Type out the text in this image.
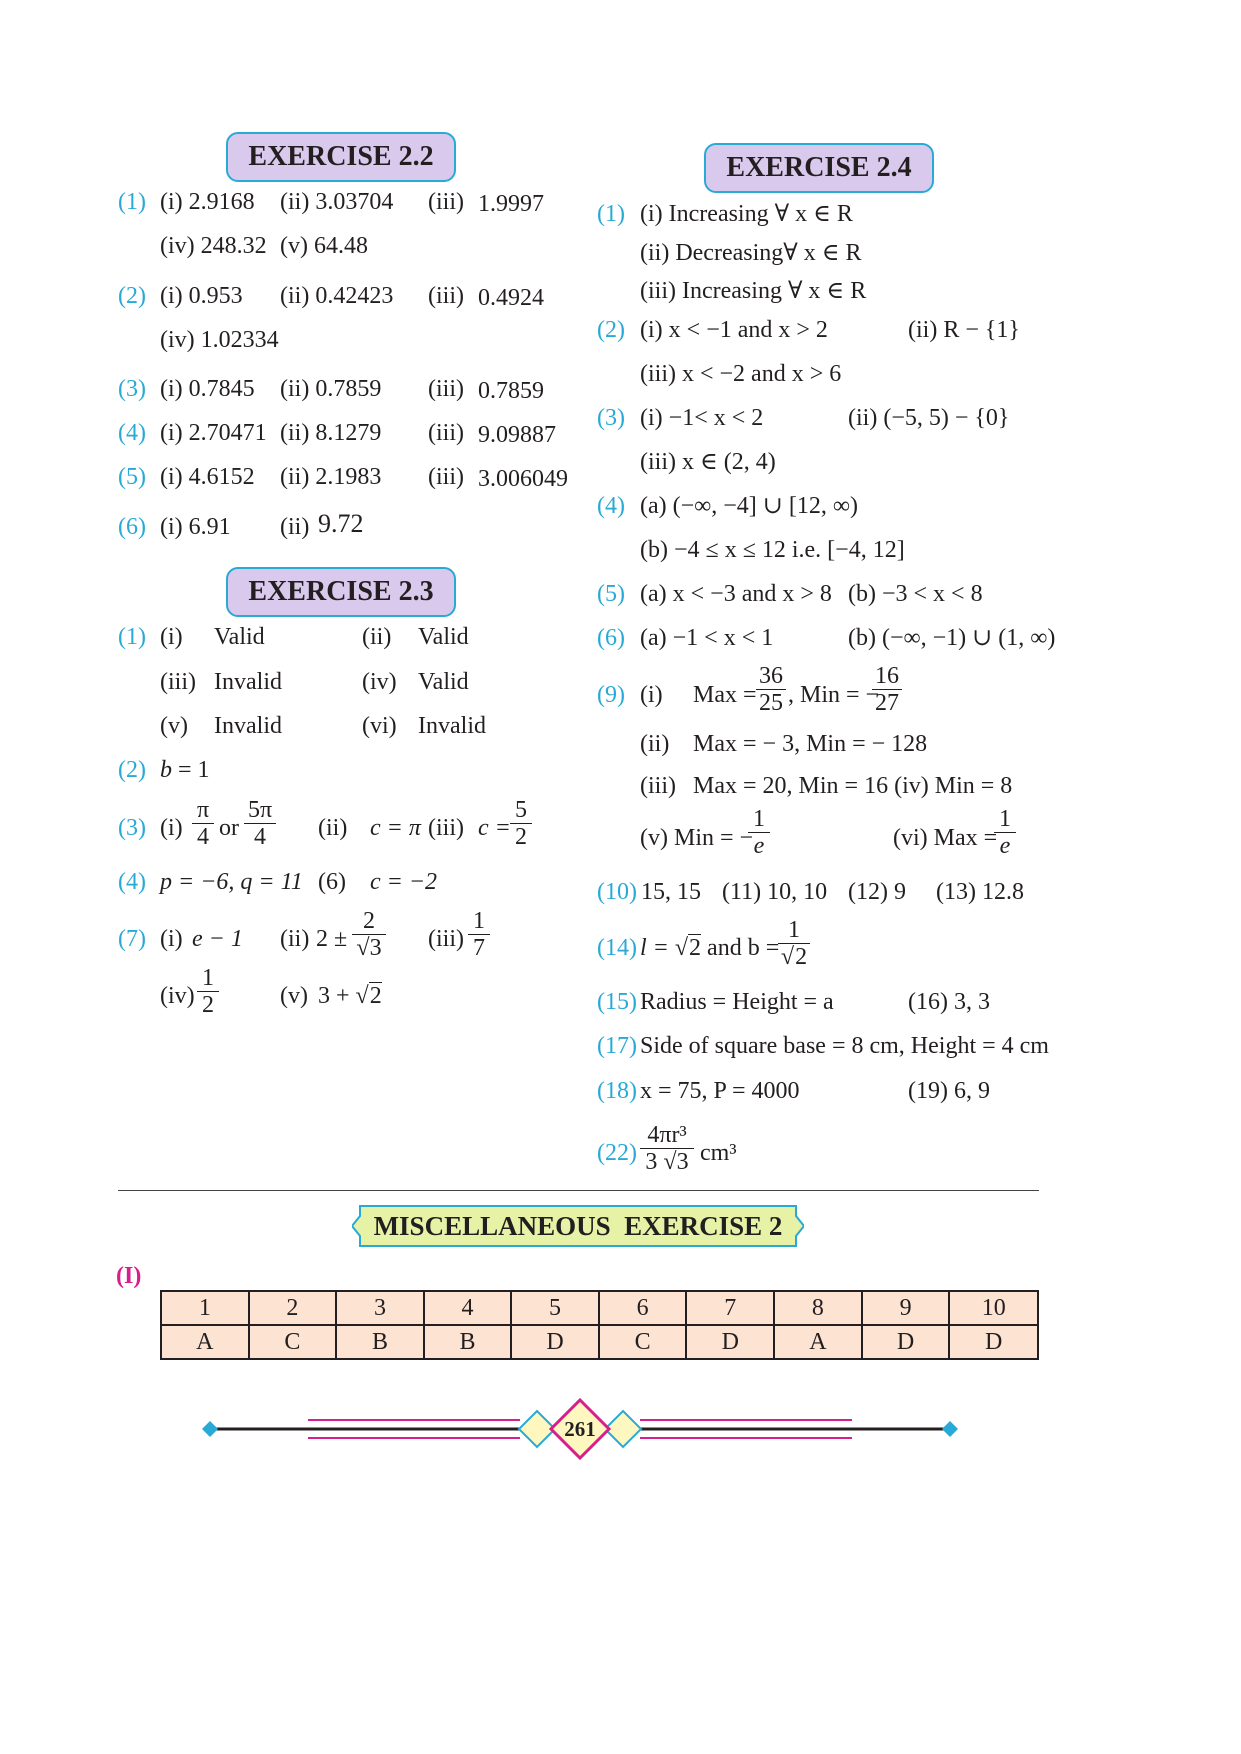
EXERCISE 2.2
(1) (i) 2.9168 (ii) 3.03704 (iii) 1.9997
(iv) 248.32 (v) 64.48
(2) (i) 0.953 (ii) 0.42423 (iii) 0.4924
(iv) 1.02334
(3) (i) 0.7845 (ii) 0.7859 (iii) 0.7859
(4) (i) 2.70471 (ii) 8.1279 (iii) 9.09887
(5) (i) 4.6152 (ii) 2.1983 (iii) 3.006049
(6) (i) 6.91 (ii) 9.72
EXERCISE 2.3
(1) (i) Valid	(ii) Valid
(iii) Invalid	(iv) Valid
(v) Invalid	(vi) Invalid
(2) b = 1
(3) $(i) \frac{\pi}{4}$ or $\frac{5\pi}{4} (ii) c = \pi$ (iii) $c = \frac{5}{2}$
(4) p = −6, q = 11 (6) c = −2
(7) (i) e − 1 (ii) $2 \pm \frac{2}{√3} (iii) \frac{1}{7}$
$(iv) \frac{1}{2}$	(v) 3 + √2
EXERCISE 2.4
(1) (i) Increasing ∀ x ∈ R
(ii) Decreasing∀ x ∈ R
(iii) Increasing ∀ x ∈ R
(2) (i) x < −1 and x > 2	(ii) R − {1}
(iii) x < −2 and x > 6
(3) (i) −1< x < 2	(ii) (−5, 5) − {0}
(iii) x ∈ (2, 4)
(4) (a) (−∞, −4] ∪ [12, ∞)
(b) −4 ≤ x ≤ 12 i.e. [−4, 12]
(5) (a) x < −3 and x > 8 (b) −3 < x < 8
(6) (a) −1 < x < 1	(b) (−∞, −1) ∪ (1, ∞)
(9) (i) Max = $\frac{36}{25}$ , Min = −
$\frac{16}{27}$
(ii) Max = − 3, Min = − 128
(iii) Max = 20, Min = 16 (iv) Min = 8
(v) Min = −
$\frac{1}{e}$	(vi) Max =
$\frac{1}{e}$
(10) 15, 15 (11) 10, 10 (12) 9 (13) 12.8
(14) l = √2 and b =
$\frac{1}{√2}$
(15) Radius = Height = a	(16) 3, 3
(17) Side of square base = 8 cm, Height = 4 cm
(18) x = 75, P = 4000	(19) 6, 9
$(22) \frac{\text{4πr³}}{3 √3} cm^3$
MISCELLANEOUS  EXERCISE 2
(I)
1	2	3	4	5	6	7	8	9	10
A	C	B	B	D	C	D	A	D	D
261
